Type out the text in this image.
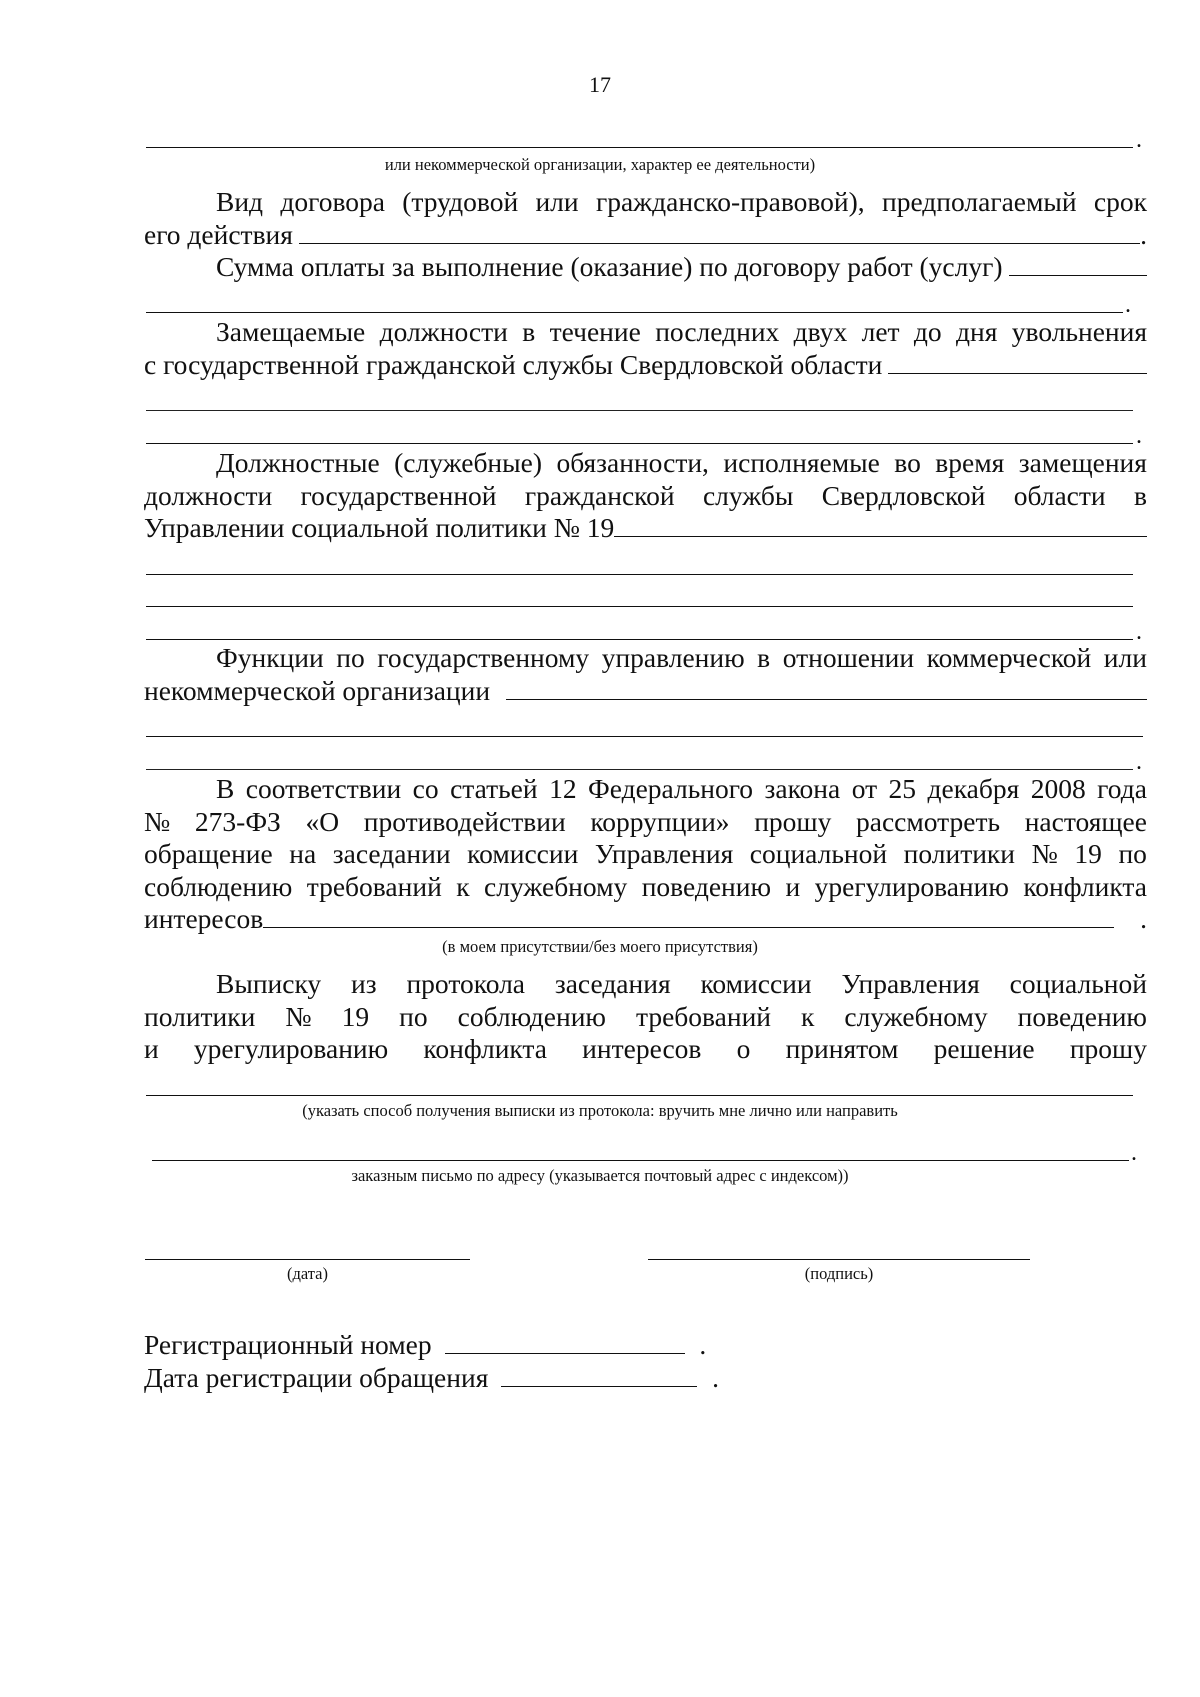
17
.
или некоммерческой организации, характер ее деятельности)
Вид договора (трудовой или гражданско-правовой), предполагаемый срок
его действия	.
Сумма оплаты за выполнение (оказание) по договору работ (услуг)
.
Замещаемые должности в течение последних двух лет до дня увольнения
с государственной гражданской службы Свердловской области
.
Должностные (служебные) обязанности, исполняемые во время замещения
должности государственной гражданской службы Свердловской области в
Управлении социальной политики № 19
.
Функции по государственному управлению в отношении коммерческой или
некоммерческой организации
.
В соответствии со статьей 12 Федерального закона от 25 декабря 2008 года
№ 273-ФЗ «О противодействии коррупции» прошу рассмотреть настоящее
обращение на заседании комиссии Управления социальной политики № 19 по
соблюдению требований к служебному поведению и урегулированию конфликта
интересов	.
(в моем присутствии/без моего присутствия)
Выписку из протокола заседания комиссии Управления социальной
политики № 19 по соблюдению требований к служебному поведению
и урегулированию конфликта интересов о принятом решение прошу
(указать способ получения выписки из протокола: вручить мне лично или направить
.
заказным письмо по адресу (указывается почтовый адрес с индексом))
(дата)	(подпись)
Регистрационный номер	.
Дата регистрации обращения	.
